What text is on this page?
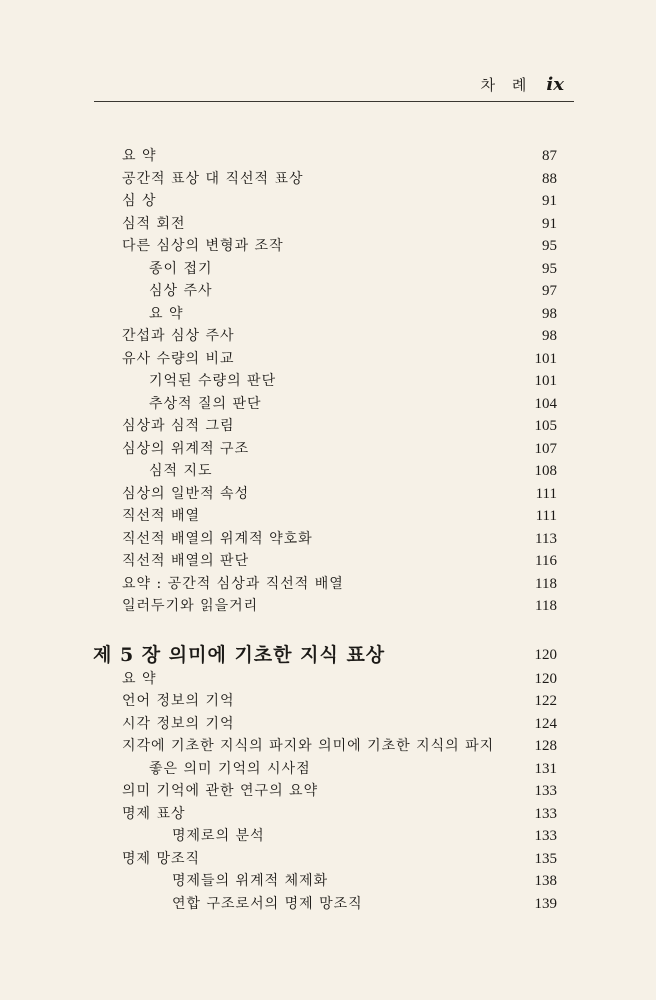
차 례 ix
요 약	87
공간적 표상 대 직선적 표상	88
심 상	91
심적 회전	91
다른 심상의 변형과 조작	95
종이 접기	95
심상 주사	97
요 약	98
간섭과 심상 주사	98
유사 수량의 비교	101
기억된 수량의 판단	101
추상적 질의 판단	104
심상과 심적 그림	105
심상의 위계적 구조	107
심적 지도	108
심상의 일반적 속성	111
직선적 배열	111
직선적 배열의 위계적 약호화	113
직선적 배열의 판단	116
요약 : 공간적 심상과 직선적 배열	118
일러두기와 읽을거리	118
제 5 장 의미에 기초한 지식 표상	120
요 약	120
언어 정보의 기억	122
시각 정보의 기억	124
지각에 기초한 지식의 파지와 의미에 기초한 지식의 파지	128
좋은 의미 기억의 시사점	131
의미 기억에 관한 연구의 요약	133
명제 표상	133
명제로의 분석	133
명제 망조직	135
명제들의 위계적 체제화	138
연합 구조로서의 명제 망조직	139
